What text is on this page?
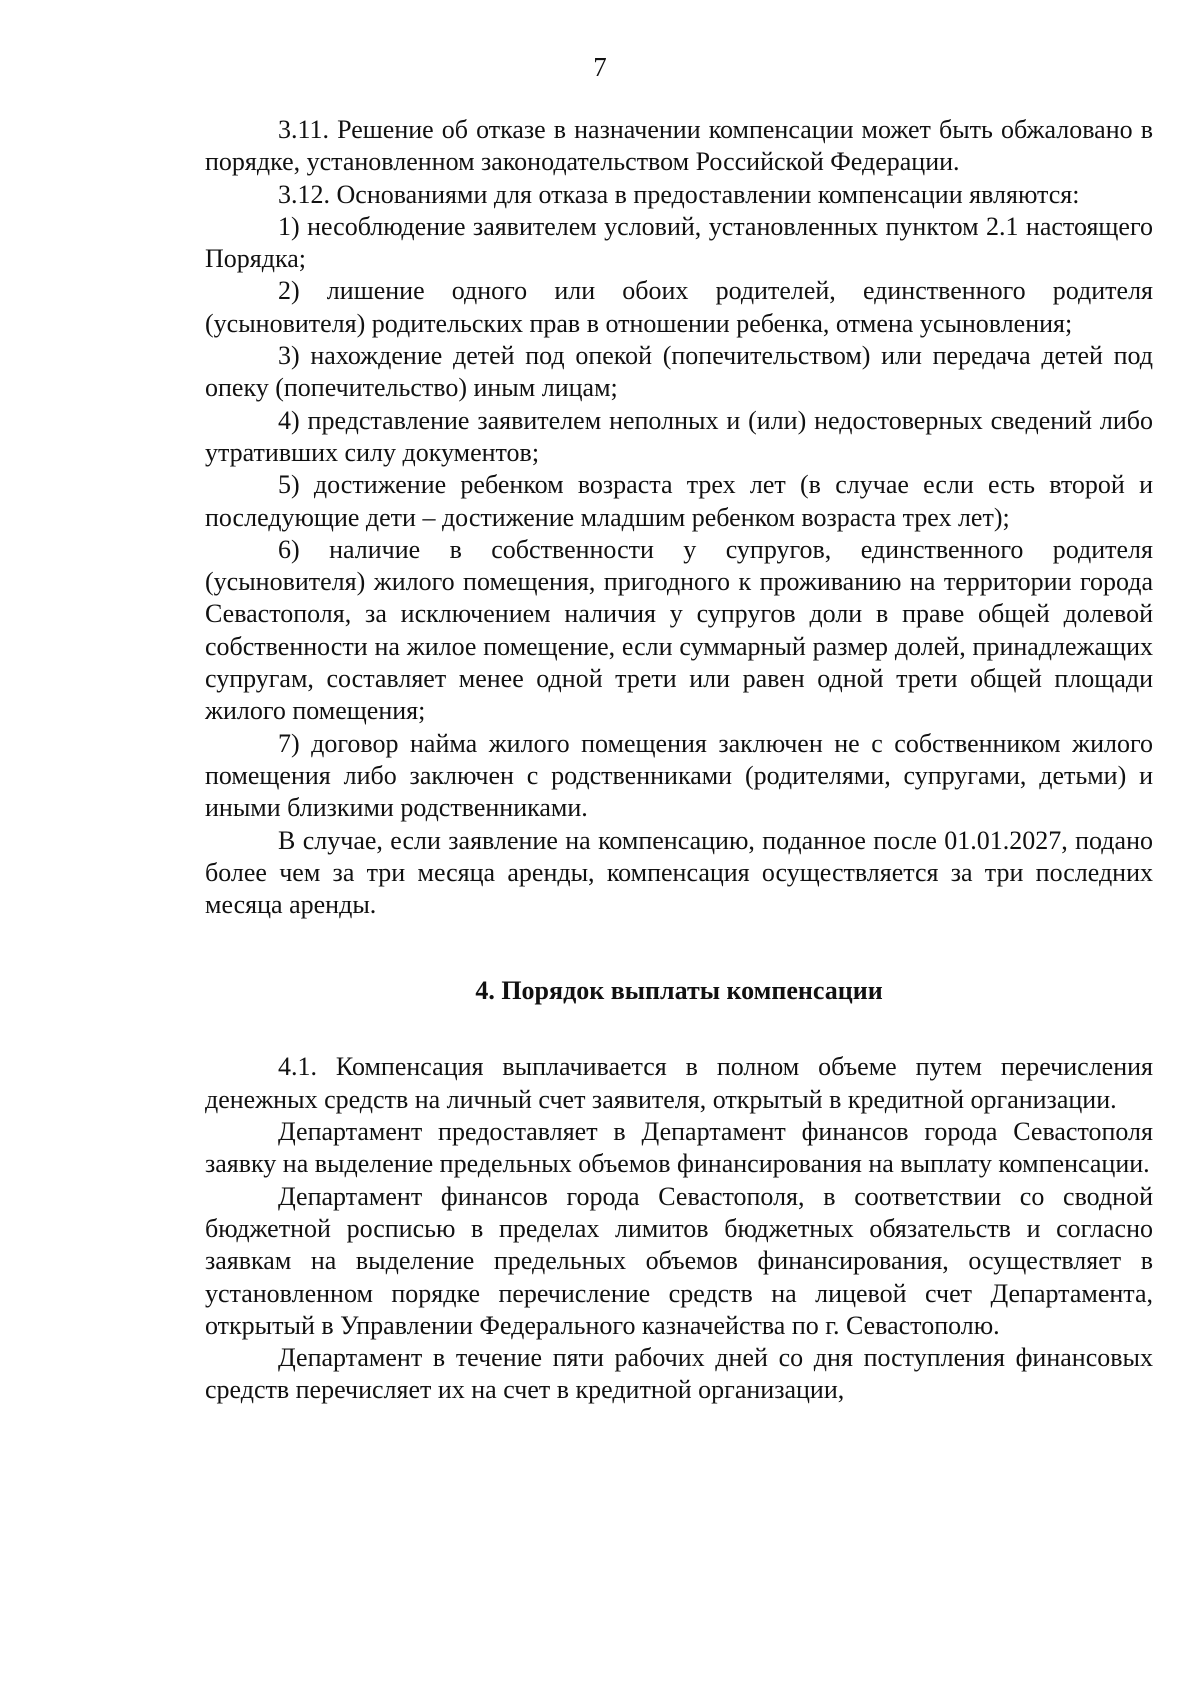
7

3.11. Решение об отказе в назначении компенсации может быть обжаловано в порядке, установленном законодательством Российской Федерации.

3.12. Основаниями для отказа в предоставлении компенсации являются:

1) несоблюдение заявителем условий, установленных пунктом 2.1 настоящего Порядка;

2) лишение одного или обоих родителей, единственного родителя (усыновителя) родительских прав в отношении ребенка, отмена усыновления;

3) нахождение детей под опекой (попечительством) или передача детей под опеку (попечительство) иным лицам;

4) представление заявителем неполных и (или) недостоверных сведений либо утративших силу документов;

5) достижение ребенком возраста трех лет (в случае если есть второй и последующие дети – достижение младшим ребенком возраста трех лет);

6) наличие в собственности у супругов, единственного родителя (усыновителя) жилого помещения, пригодного к проживанию на территории города Севастополя, за исключением наличия у супругов доли в праве общей долевой собственности на жилое помещение, если суммарный размер долей, принадлежащих супругам, составляет менее одной трети или равен одной трети общей площади жилого помещения;

7) договор найма жилого помещения заключен не с собственником жилого помещения либо заключен с родственниками (родителями, супругами, детьми) и иными близкими родственниками.

В случае, если заявление на компенсацию, поданное после 01.01.2027, подано более чем за три месяца аренды, компенсация осуществляется за три последних месяца аренды.

4. Порядок выплаты компенсации

4.1. Компенсация выплачивается в полном объеме путем перечисления денежных средств на личный счет заявителя, открытый в кредитной организации.

Департамент предоставляет в Департамент финансов города Севастополя заявку на выделение предельных объемов финансирования на выплату компенсации.

Департамент финансов города Севастополя, в соответствии со сводной бюджетной росписью в пределах лимитов бюджетных обязательств и согласно заявкам на выделение предельных объемов финансирования, осуществляет в установленном порядке перечисление средств на лицевой счет Департамента, открытый в Управлении Федерального казначейства по г. Севастополю.

Департамент в течение пяти рабочих дней со дня поступления финансовых средств перечисляет их на счет в кредитной организации,
